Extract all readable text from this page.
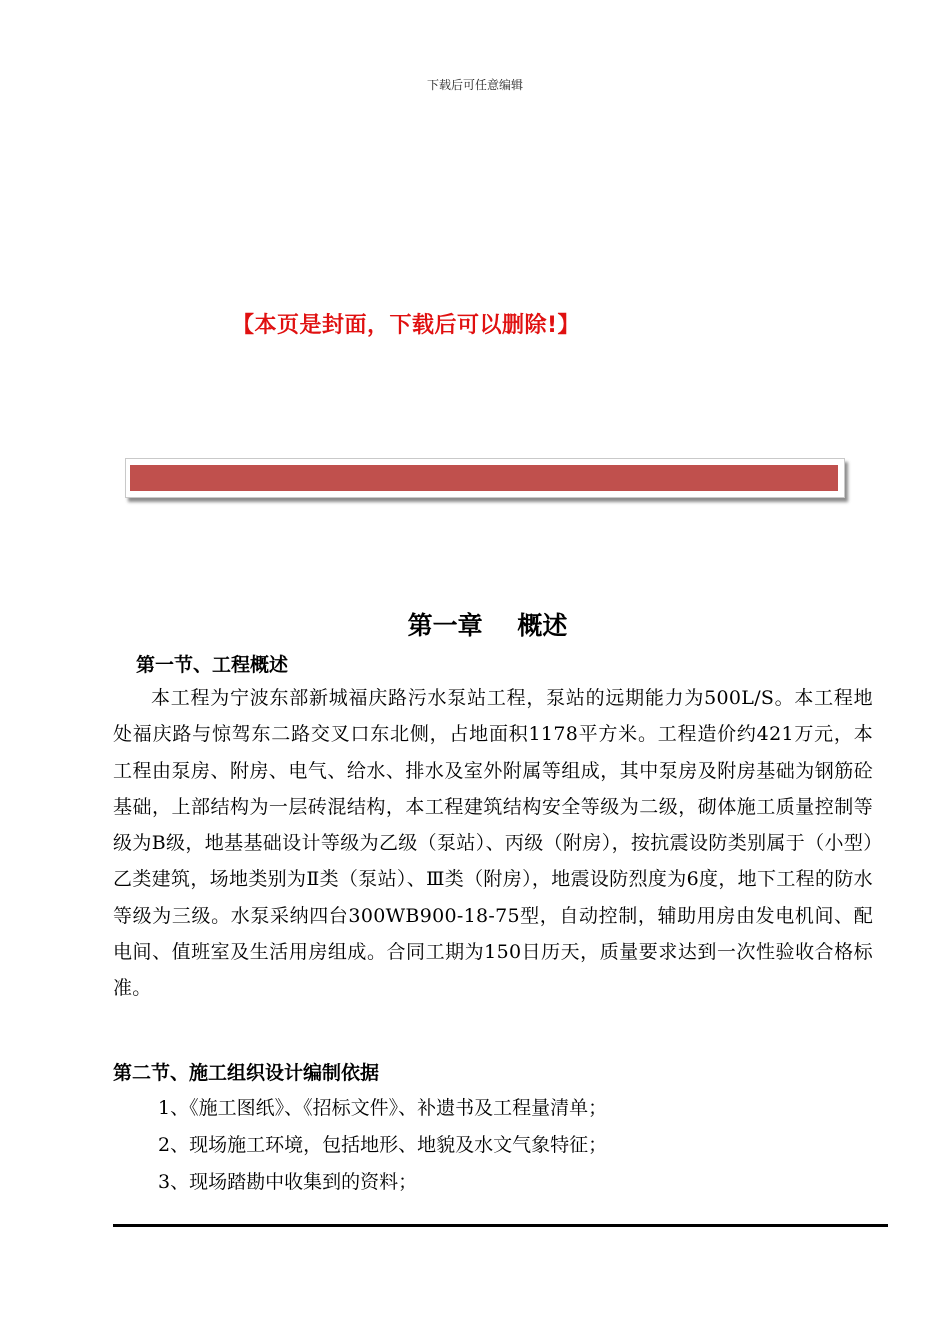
下载后可任意编辑
【本页是封面，下载后可以删除!】
第一章    概述
第一节、工程概述
本工程为宁波东部新城福庆路污水泵站工程，泵站的远期能力为500L/S。本工程地处福庆路与惊驾东二路交叉口东北侧，占地面积1178平方米。工程造价约421万元，本工程由泵房、附房、电气、给水、排水及室外附属等组成，其中泵房及附房基础为钢筋砼基础，上部结构为一层砖混结构，本工程建筑结构安全等级为二级，砌体施工质量控制等级为B级，地基基础设计等级为乙级（泵站）、丙级（附房），按抗震设防类别属于（小型）乙类建筑，场地类别为Ⅱ类（泵站）、Ⅲ类（附房），地震设防烈度为6度，地下工程的防水等级为三级。水泵采纳四台300WB900-18-75型，自动控制，辅助用房由发电机间、配电间、值班室及生活用房组成。合同工期为150日历天，质量要求达到一次性验收合格标准。
第二节、施工组织设计编制依据
1、《施工图纸》、《招标文件》、补遗书及工程量清单；
2、现场施工环境，包括地形、地貌及水文气象特征；
3、现场踏勘中收集到的资料；
